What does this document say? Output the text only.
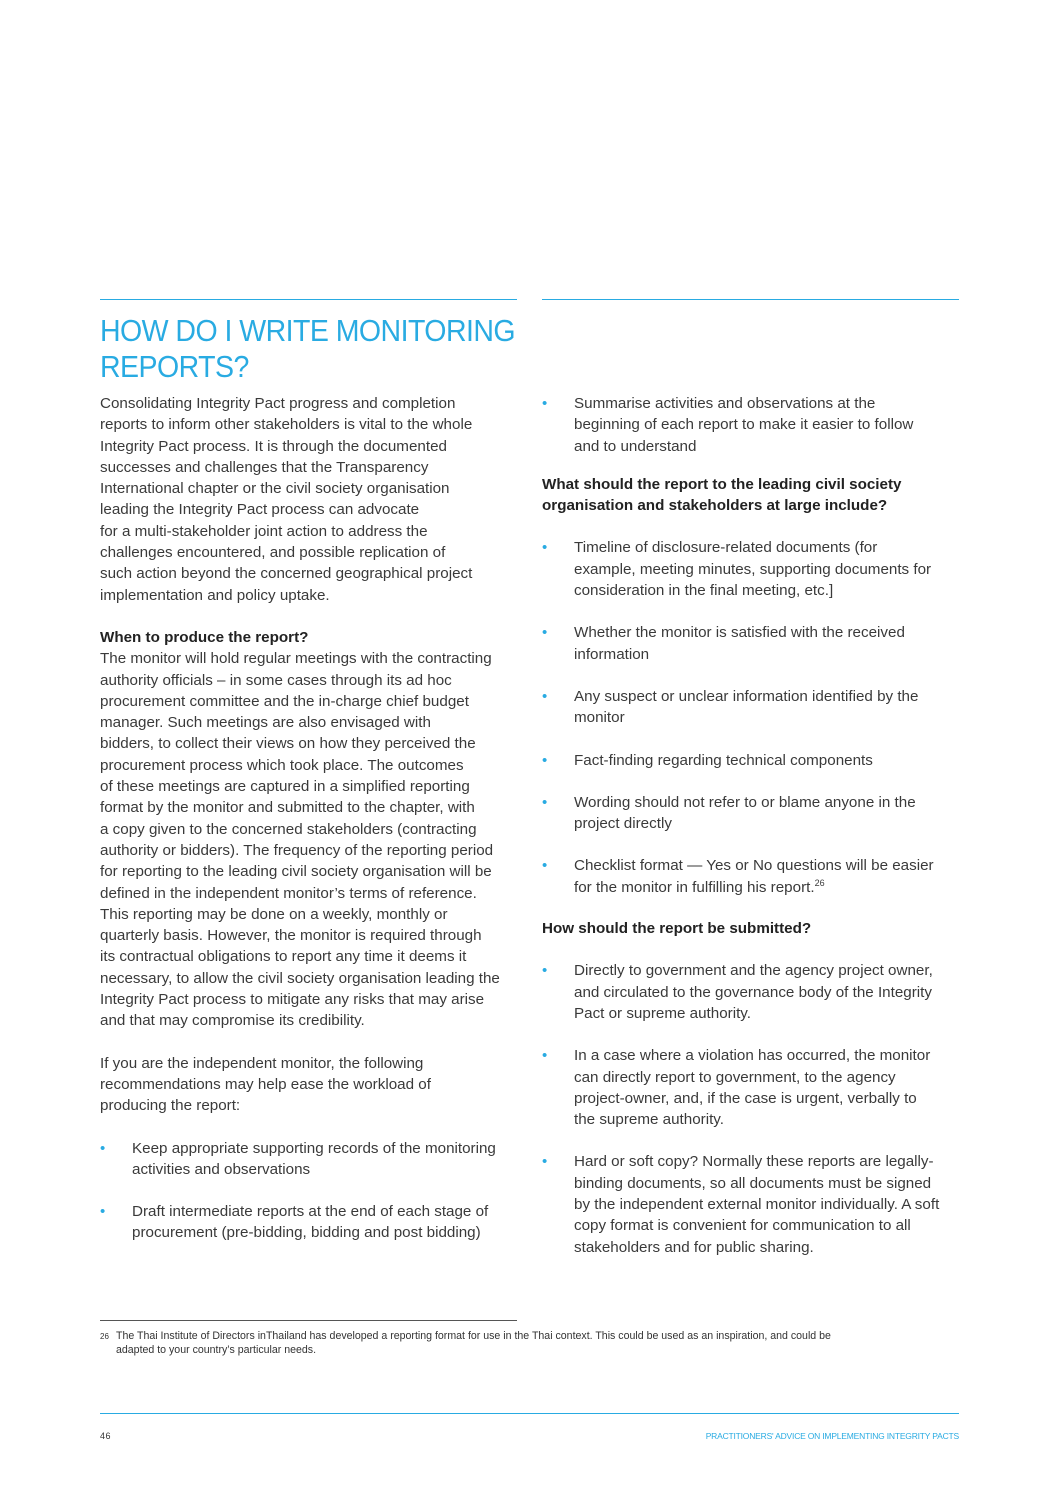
HOW DO I WRITE MONITORING
REPORTS?

Consolidating Integrity Pact progress and completion
reports to inform other stakeholders is vital to the whole
Integrity Pact process. It is through the documented
successes and challenges that the Transparency
International chapter or the civil society organisation
leading the Integrity Pact process can advocate
for a multi-stakeholder joint action to address the
challenges encountered, and possible replication of
such action beyond the concerned geographical project
implementation and policy uptake.

When to produce the report?
The monitor will hold regular meetings with the contracting
authority officials – in some cases through its ad hoc
procurement committee and the in-charge chief budget
manager. Such meetings are also envisaged with
bidders, to collect their views on how they perceived the
procurement process which took place. The outcomes
of these meetings are captured in a simplified reporting
format by the monitor and submitted to the chapter, with
a copy given to the concerned stakeholders (contracting
authority or bidders). The frequency of the reporting period
for reporting to the leading civil society organisation will be
defined in the independent monitor’s terms of reference.
This reporting may be done on a weekly, monthly or
quarterly basis. However, the monitor is required through
its contractual obligations to report any time it deems it
necessary, to allow the civil society organisation leading the
Integrity Pact process to mitigate any risks that may arise
and that may compromise its credibility.

If you are the independent monitor, the following
recommendations may help ease the workload of
producing the report:

• Keep appropriate supporting records of the monitoring
activities and observations
• Draft intermediate reports at the end of each stage of
procurement (pre-bidding, bidding and post bidding)
• Summarise activities and observations at the
beginning of each report to make it easier to follow
and to understand

What should the report to the leading civil society
organisation and stakeholders at large include?

• Timeline of disclosure-related documents (for
example, meeting minutes, supporting documents for
consideration in the final meeting, etc.]
• Whether the monitor is satisfied with the received
information
• Any suspect or unclear information identified by the
monitor
• Fact-finding regarding technical components
• Wording should not refer to or blame anyone in the
project directly
• Checklist format — Yes or No questions will be easier
for the monitor in fulfilling his report.$^{26}$

How should the report be submitted?

• Directly to government and the agency project owner,
and circulated to the governance body of the Integrity
Pact or supreme authority.
• In a case where a violation has occurred, the monitor
can directly report to government, to the agency
project-owner, and, if the case is urgent, verbally to
the supreme authority.
• Hard or soft copy? Normally these reports are legally-
binding documents, so all documents must be signed
by the independent external monitor individually. A soft
copy format is convenient for communication to all
stakeholders and for public sharing.
26 The Thai Institute of Directors inThailand has developed a reporting format for use in the Thai context. This could be used as an inspiration, and could be
adapted to your country’s particular needs.
46	PRACTITIONERS' ADVICE ON IMPLEMENTING INTEGRITY PACTS
